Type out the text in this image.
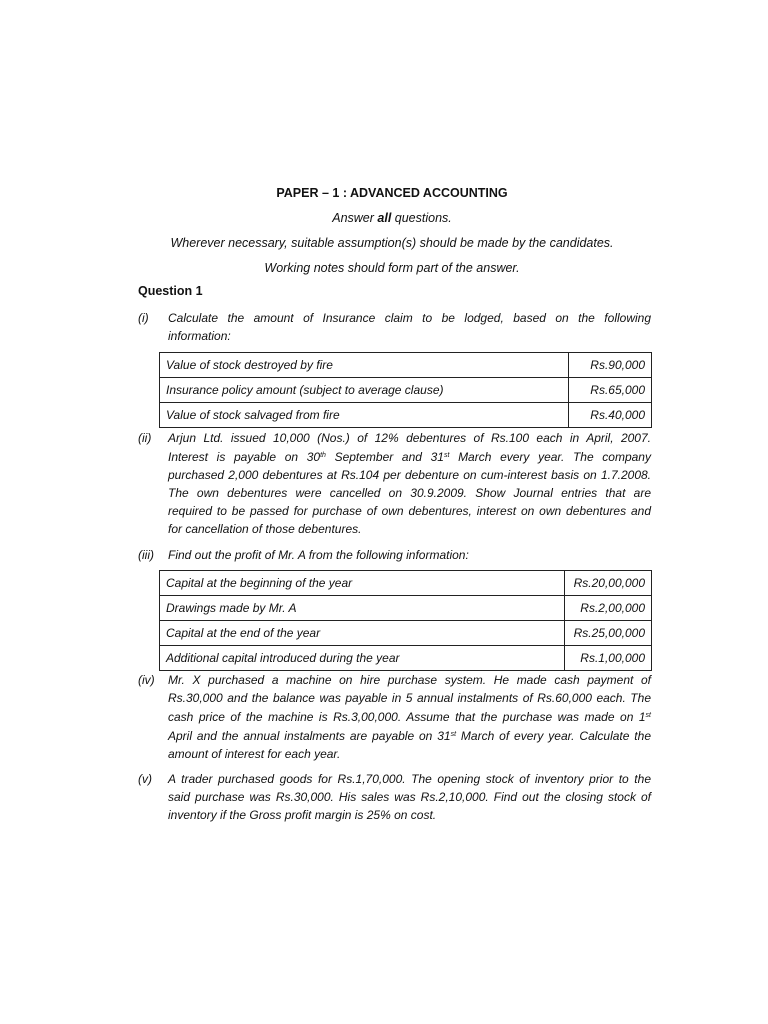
PAPER – 1 : ADVANCED ACCOUNTING
Answer all questions.
Wherever necessary, suitable assumption(s) should be made by the candidates.
Working notes should form part of the answer.
Question 1
(i)	Calculate the amount of Insurance claim to be lodged, based on the following
information:
Value of stock destroyed by fire	Rs.90,000
Insurance policy amount (subject to average clause)	Rs.65,000
Value of stock salvaged from fire	Rs.40,000
(ii)	Arjun Ltd. issued 10,000 (Nos.) of 12% debentures of Rs.100 each in April, 2007.
Interest is payable on 30th September and 31st March every year. The company
purchased 2,000 debentures at Rs.104 per debenture on cum-interest basis on 1.7.2008.
The own debentures were cancelled on 30.9.2009. Show Journal entries that are
required to be passed for purchase of own debentures, interest on own debentures and
for cancellation of those debentures.
(iii)	Find out the profit of Mr. A from the following information:
Capital at the beginning of the year	Rs.20,00,000
Drawings made by Mr. A	Rs.2,00,000
Capital at the end of the year	Rs.25,00,000
Additional capital introduced during the year	Rs.1,00,000
(iv)	Mr. X purchased a machine on hire purchase system. He made cash payment of
Rs.30,000 and the balance was payable in 5 annual instalments of Rs.60,000 each. The
cash price of the machine is Rs.3,00,000. Assume that the purchase was made on 1st
April and the annual instalments are payable on 31st March of every year. Calculate the
amount of interest for each year.
(v)	A trader purchased goods for Rs.1,70,000. The opening stock of inventory prior to the
said purchase was Rs.30,000. His sales was Rs.2,10,000. Find out the closing stock of
inventory if the Gross profit margin is 25% on cost.
